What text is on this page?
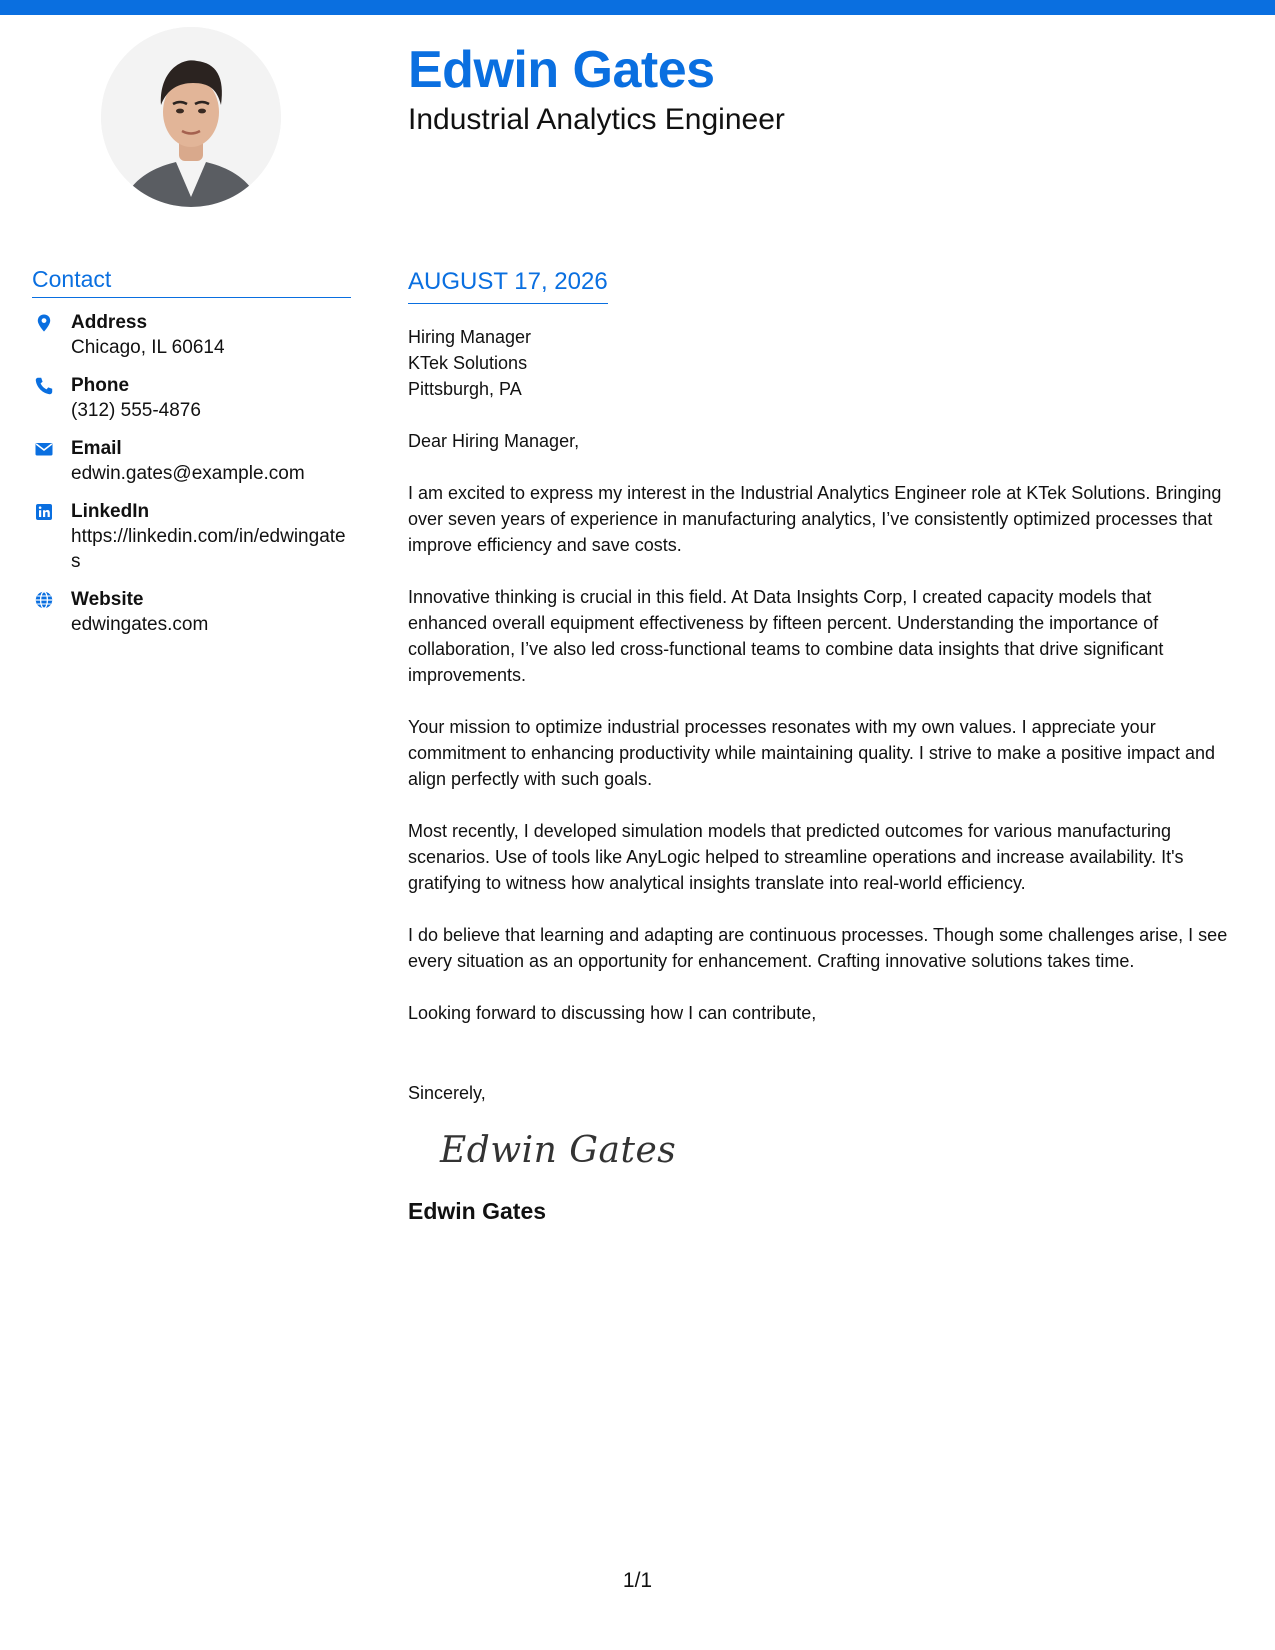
Edwin Gates
Industrial Analytics Engineer
Contact
Address
Chicago, IL 60614
Phone
(312) 555-4876
Email
edwin.gates@example.com
LinkedIn
https://linkedin.com/in/edwingates
Website
edwingates.com
AUGUST 17, 2026
Hiring Manager
KTek Solutions
Pittsburgh, PA
Dear Hiring Manager,
I am excited to express my interest in the Industrial Analytics Engineer role at KTek Solutions. Bringing over seven years of experience in manufacturing analytics, I’ve consistently optimized processes that improve efficiency and save costs.
Innovative thinking is crucial in this field. At Data Insights Corp, I created capacity models that enhanced overall equipment effectiveness by fifteen percent. Understanding the importance of collaboration, I’ve also led cross-functional teams to combine data insights that drive significant improvements.
Your mission to optimize industrial processes resonates with my own values. I appreciate your commitment to enhancing productivity while maintaining quality. I strive to make a positive impact and align perfectly with such goals.
Most recently, I developed simulation models that predicted outcomes for various manufacturing scenarios. Use of tools like AnyLogic helped to streamline operations and increase availability. It's gratifying to witness how analytical insights translate into real-world efficiency.
I do believe that learning and adapting are continuous processes. Though some challenges arise, I see every situation as an opportunity for enhancement. Crafting innovative solutions takes time.
Looking forward to discussing how I can contribute,
Sincerely,
Edwin Gates
Edwin Gates
1/1
